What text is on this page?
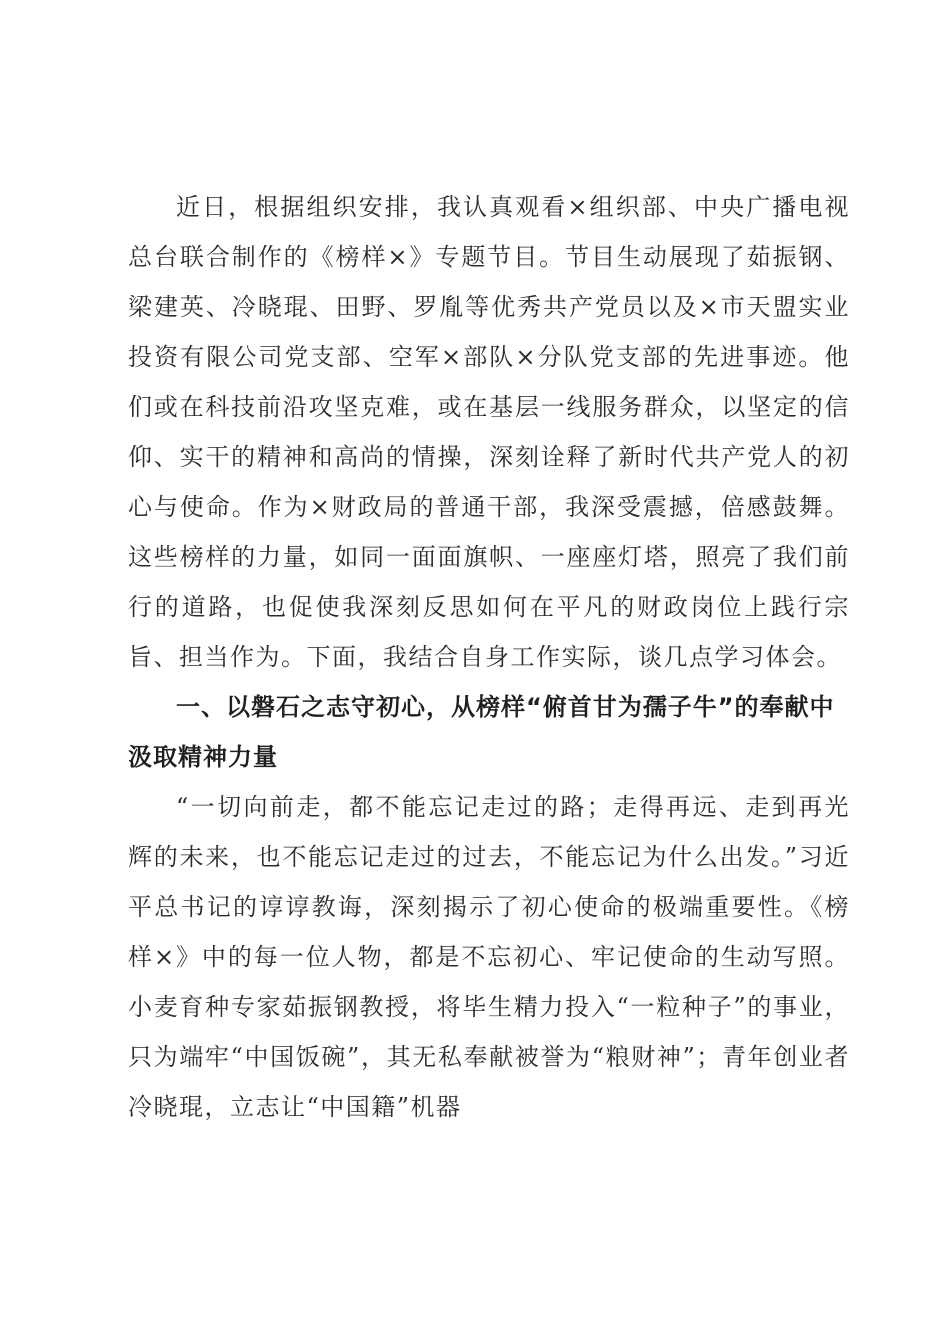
近日，根据组织安排，我认真观看×组织部、中央广播电视总台联合制作的《榜样×》专题节目。节目生动展现了茹振钢、梁建英、冷晓琨、田野、罗胤等优秀共产党员以及×市天盟实业投资有限公司党支部、空军×部队×分队党支部的先进事迹。他们或在科技前沿攻坚克难，或在基层一线服务群众，以坚定的信仰、实干的精神和高尚的情操，深刻诠释了新时代共产党人的初心与使命。作为×财政局的普通干部，我深受震撼，倍感鼓舞。这些榜样的力量，如同一面面旗帜、一座座灯塔，照亮了我们前行的道路，也促使我深刻反思如何在平凡的财政岗位上践行宗旨、担当作为。下面，我结合自身工作实际，谈几点学习体会。

一、以磐石之志守初心，从榜样“俯首甘为孺子牛”的奉献中汲取精神力量

“一切向前走，都不能忘记走过的路；走得再远、走到再光辉的未来，也不能忘记走过的过去，不能忘记为什么出发。”习近平总书记的谆谆教诲，深刻揭示了初心使命的极端重要性。《榜样×》中的每一位人物，都是不忘初心、牢记使命的生动写照。小麦育种专家茹振钢教授，将毕生精力投入“一粒种子”的事业，只为端牢“中国饭碗”，其无私奉献被誉为“粮财神”；青年创业者冷晓琨，立志让“中国籍”机器
